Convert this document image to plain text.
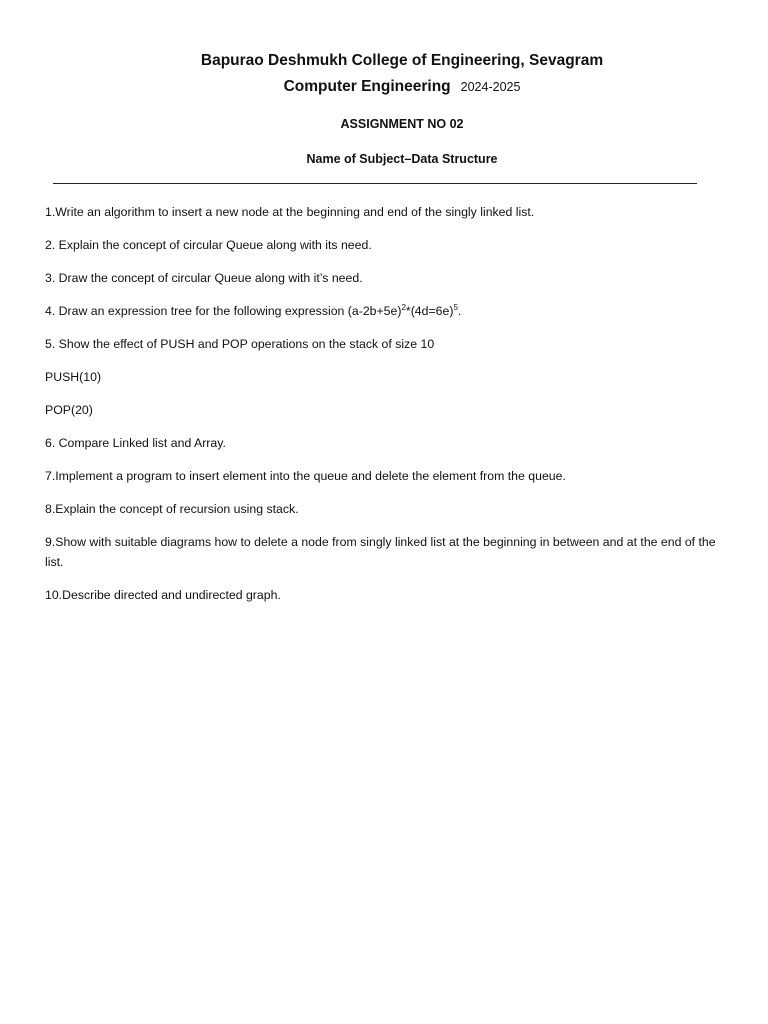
Bapurao Deshmukh College of Engineering, Sevagram
Computer Engineering 2024-2025
ASSIGNMENT NO 02
Name of Subject–Data Structure
1.Write an algorithm to insert a new node at the beginning and end of the singly linked list.
2. Explain the concept of circular Queue along with its need.
3. Draw the concept of circular Queue along with it’s need.
4. Draw an expression tree for the following expression $(a-2b+5e)^2*(4d=6e)^5$.
5. Show the effect of PUSH and POP operations on the stack of size 10
PUSH(10)
POP(20)
6. Compare Linked list and Array.
7.Implement a program to insert element into the queue and delete the element from the queue.
8.Explain the concept of recursion using stack.
9.Show with suitable diagrams how to delete a node from singly linked list at the beginning in between and at the end of the list.
10.Describe directed and undirected graph.
